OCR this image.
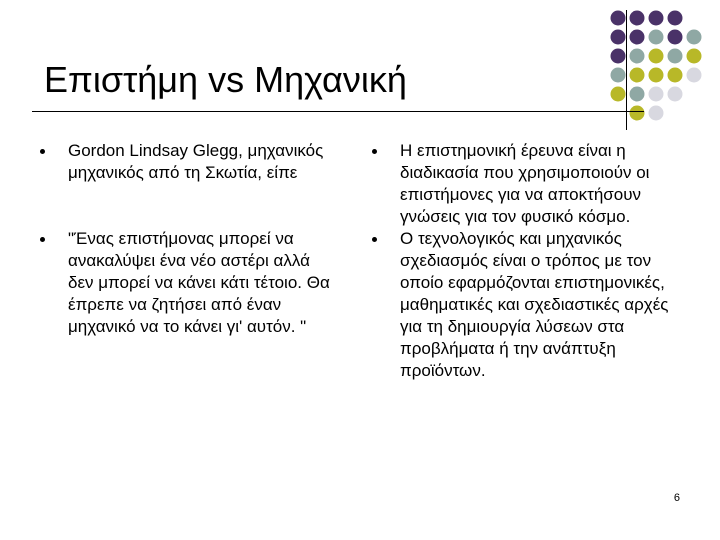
Επιστήμη vs Μηχανική
Gordon Lindsay Glegg, μηχανικός μηχανικός από τη Σκωτία, είπε
"Ένας επιστήμονας μπορεί να ανακαλύψει ένα νέο αστέρι αλλά δεν μπορεί να κάνει κάτι τέτοιο. Θα έπρεπε να ζητήσει από έναν μηχανικό να το κάνει γι' αυτόν. "
Η επιστημονική έρευνα είναι η διαδικασία που χρησιμοποιούν οι επιστήμονες για να αποκτήσουν γνώσεις για τον φυσικό κόσμο.
Ο τεχνολογικός και μηχανικός σχεδιασμός είναι ο τρόπος με τον οποίο εφαρμόζονται επιστημονικές, μαθηματικές και σχεδιαστικές αρχές για τη δημιουργία λύσεων στα προβλήματα ή την ανάπτυξη προϊόντων.
6
